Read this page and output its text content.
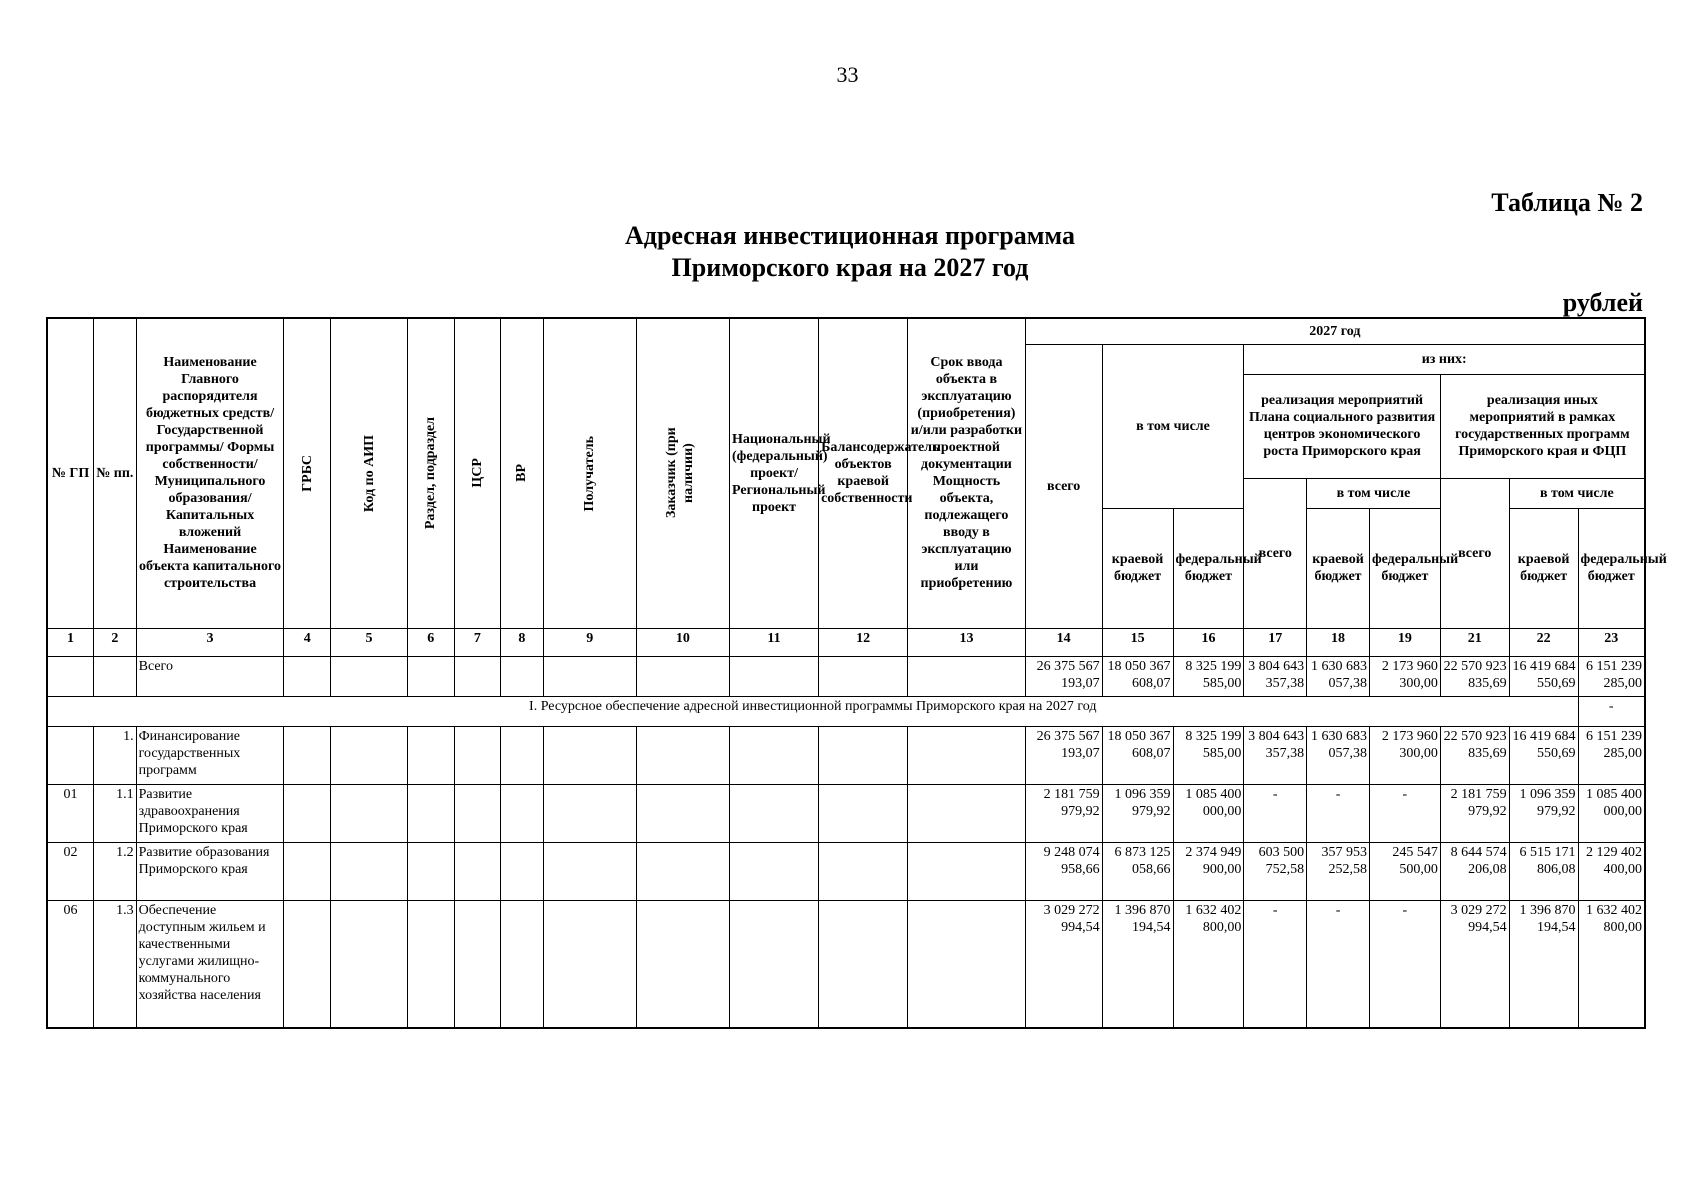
33
Таблица № 2
Адресная инвестиционная программа
Приморского края на 2027 год
рублей
№ ГП	№ пп.	Наименование Главного распорядителя бюджетных средств/Государственной программы/ Формы собственности/Муниципального образования/Капитальных вложений Наименование объекта капитального строительства	ГРБС	Код по АИП	Раздел, подраздел	ЦСР	ВР	Получатель	Заказчик (при наличии)	Национальный (федеральный) проект/ Региональный проект	Балансодержатель объектов краевой собственности	Срок ввода объекта в эксплуатацию (приобретения) и/или разработки проектной документации Мощность объекта, подлежащего вводу в эксплуатацию или приобретению	2027 год								
													всего	в том числе		из них:					
																реализация мероприятий Плана социального развития центров экономического роста Приморского края			реализация иных мероприятий в рамках государственных программ Приморского края и ФЦП		
																всего	в том числе		всего	в том числе	
														краевой бюджет	федеральный бюджет		краевой бюджет	федеральный бюджет		краевой бюджет	федеральный бюджет
1	2	3	4	5	6	7	8	9	10	11	12	13	14	15	16	17	18	19	21	22	23
		Всего											26 375 567 193,07	18 050 367 608,07	8 325 199 585,00	3 804 643 357,38	1 630 683 057,38	2 173 960 300,00	22 570 923 835,69	16 419 684 550,69	6 151 239 285,00
I. Ресурсное обеспечение адресной инвестиционной программы Приморского края на 2027 год																					-
	1.	Финансирование государственных программ											26 375 567 193,07	18 050 367 608,07	8 325 199 585,00	3 804 643 357,38	1 630 683 057,38	2 173 960 300,00	22 570 923 835,69	16 419 684 550,69	6 151 239 285,00
01	1.1	Развитие здравоохранения Приморского края											2 181 759 979,92	1 096 359 979,92	1 085 400 000,00	-	-	-	2 181 759 979,92	1 096 359 979,92	1 085 400 000,00
02	1.2	Развитие образования Приморского края											9 248 074 958,66	6 873 125 058,66	2 374 949 900,00	603 500 752,58	357 953 252,58	245 547 500,00	8 644 574 206,08	6 515 171 806,08	2 129 402 400,00
06	1.3	Обеспечение доступным жильем и качественными услугами жилищно-коммунального хозяйства населения											3 029 272 994,54	1 396 870 194,54	1 632 402 800,00	-	-	-	3 029 272 994,54	1 396 870 194,54	1 632 402 800,00
